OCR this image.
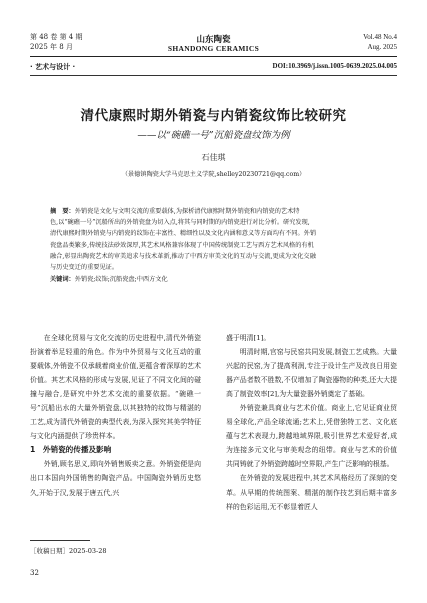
第 48 卷 第 4 期
2025 年 8 月
山东陶瓷
SHANDONG CERAMICS
Vol.48 No.4
Aug. 2025
· 艺术与设计 ·	DOI:10.3969/j.issn.1005-0639.2025.04.005
清代康熙时期外销瓷与内销瓷纹饰比较研究
——以“碗礁一号”沉船瓷盘纹饰为例
石佳琪
（景德镇陶瓷大学马克思主义学院,shelley20230721@qq.com）
摘　要：外销瓷是文化与文明交流的重要载体,为探析清代康熙时期外销瓷和内销瓷的艺术特
色,以“碗礁一号”沉船所出的外销瓷盘为切入点,将其与同时期的内销瓷进行对比分析。研究发现,
清代康熙时期外销瓷与内销瓷的纹饰在丰富性、精细性以及文化内涵和意义等方面均有不同。外销
瓷盘品类繁多,传统技法砂效深厚,其艺术风格兼容体现了中国传统制瓷工艺与西方艺术风格的有机
融合,彰显出陶瓷艺术的审美追求与技术革新,推动了中西方审美文化的互动与交流,更成为文化交融
与历史变迁的重要见证。
关键词：外销瓷;纹饰;沉船瓷盘;中西方文化

在全球化贸易与文化交流的历史进程中,清代外销瓷扮演着举足轻重的角色。作为中外贸易与文化互动的重要载体,外销瓷不仅承载着商业价值,更蕴含着深厚的艺术价值。其艺术风格的形成与发展,见证了不同文化间的碰撞与融合,是研究中外艺术交流的重要依据。“碗礁一号”沉船出水的大量外销瓷盘,以其独特的纹饰与精湛的工艺,成为清代外销瓷的典型代表,为深入探究其美学特征与文化内涵提供了珍贵样本。

1　外销瓷的传播及影响

外销,顾名思义,即向外销售贩卖之意。外销瓷便是向出口本国向外国销售的陶瓷产品。中国陶瓷外销历史悠久,开始于汉,发展于唐五代,兴

［收稿日期］2025-03-28
32

盛于明清[1]。

明清时期,官窑与民窑共同发展,制瓷工艺成熟。大量兴起的民窑,为了提高利润,专注于设计生产及改良日用瓷器产品者数不胜数,不仅增加了陶瓷器物的种类,还大大提高了制瓷效率[2],为大量瓷器外销奠定了基础。

外销瓷兼具商业与艺术价值。商业上,它见证商业贸易全球化,产品全球流通;艺术上,凭借独特工艺、文化底蕴与艺术表现力,跨越地域界限,吸引世界艺术爱好者,成为连接多元文化与审美观念的纽带。商业与艺术的价值共同铸就了外销瓷跨越时空界限,产生广泛影响的根基。

在外销瓷的发展进程中,其艺术风格经历了深刻的变革。从早期的传统图案、精湛的制作技艺到后期丰富多样的色彩运用,无不彰显着匠人
